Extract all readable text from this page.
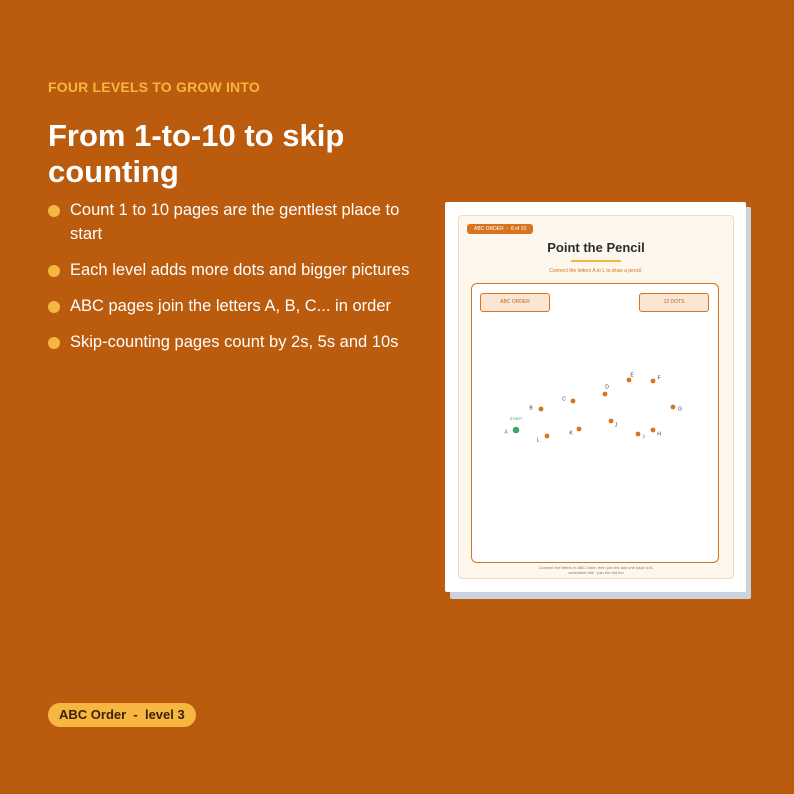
FOUR LEVELS TO GROW INTO
From 1-to-10 to skip counting
Count 1 to 10 pages are the gentlest place to start
Each level adds more dots and bigger pictures
ABC pages join the letters A, B, C... in order
Skip-counting pages count by 2s, 5s and 10s
ABC Order  -  level 3
ABC ORDER  -  8 of 10
Point the Pencil
Connect the letters A to L to draw a pencil.
ABC ORDER	12 DOTS
A
START
B
C
D
E	F
G
H
I
J
K
L
Connect the letters in ABC order, then join the last one back to A.
worksheet title · join the dot fun
